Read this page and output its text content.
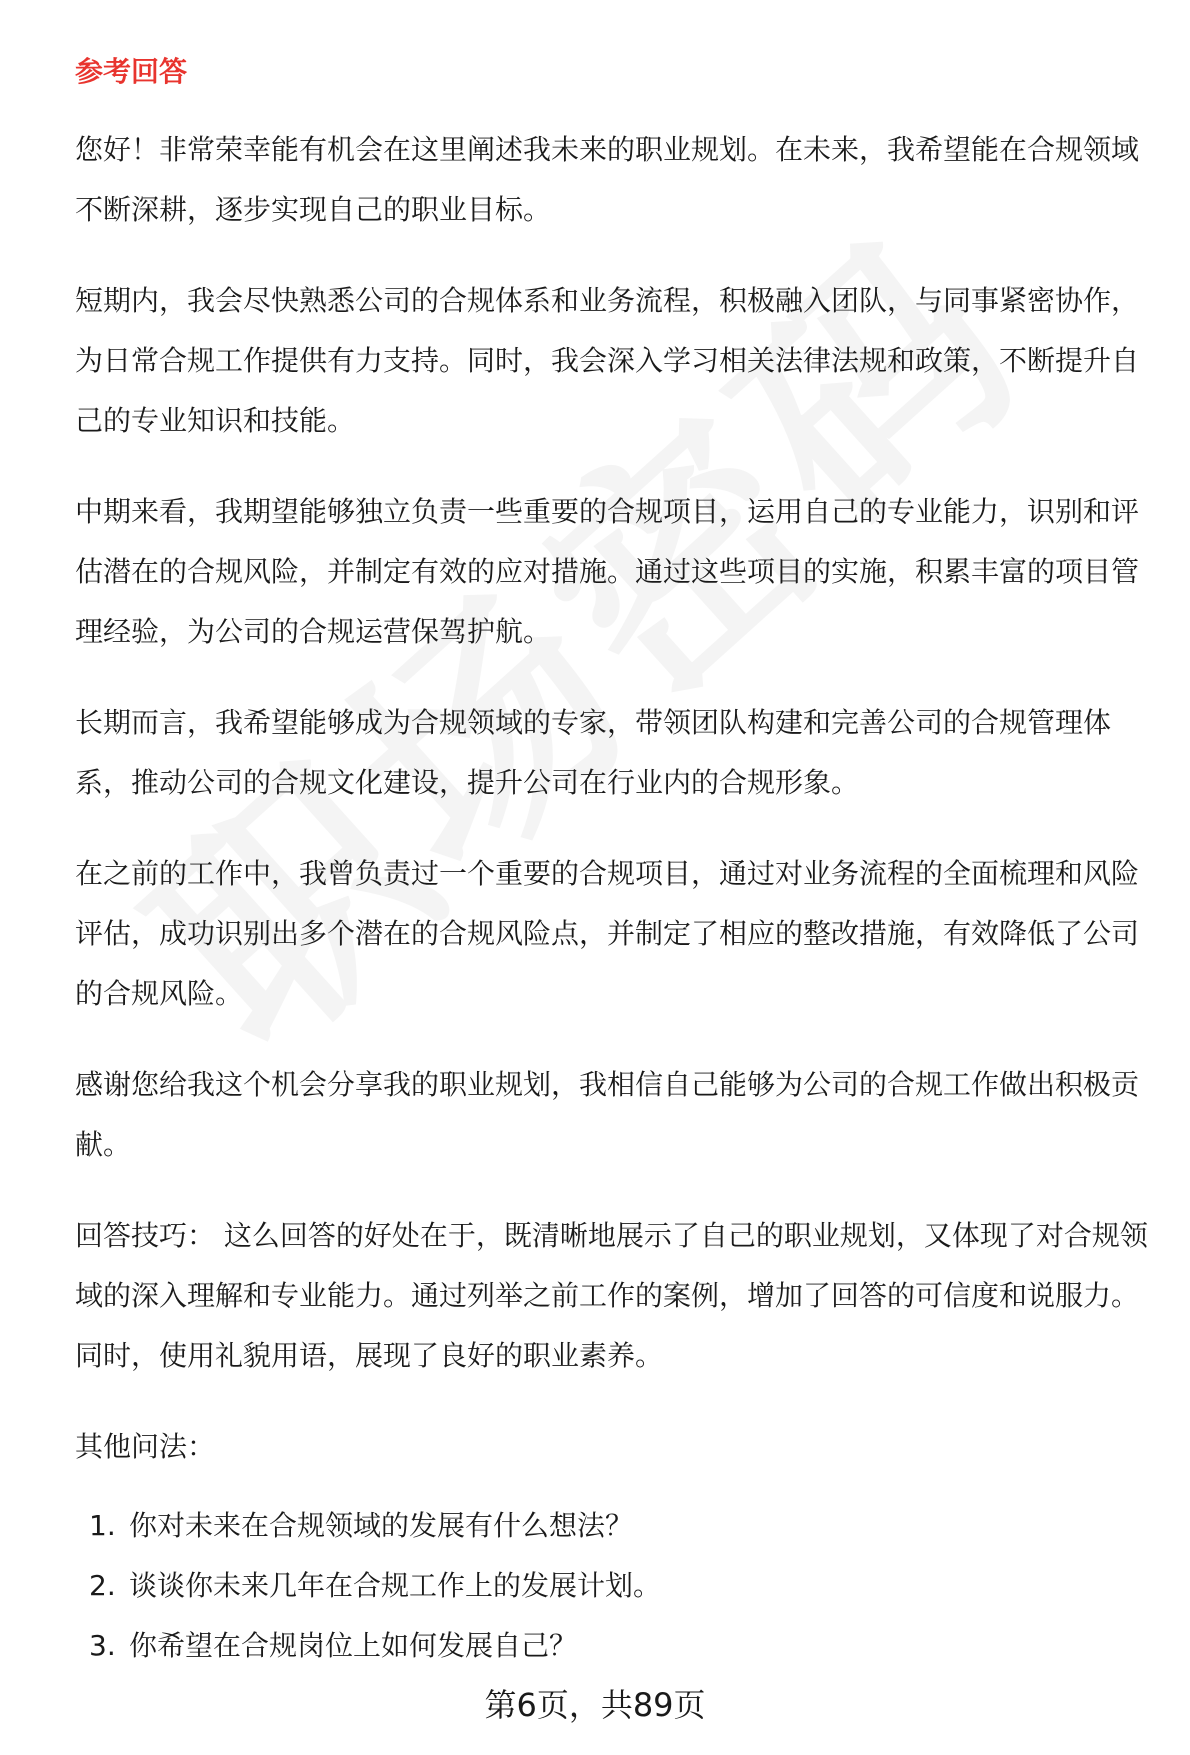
参考回答

您好！非常荣幸能有机会在这里阐述我未来的职业规划。在未来，我希望能在合规领域不断深耕，逐步实现自己的职业目标。

短期内，我会尽快熟悉公司的合规体系和业务流程，积极融入团队，与同事紧密协作，为日常合规工作提供有力支持。同时，我会深入学习相关法律法规和政策，不断提升自己的专业知识和技能。

中期来看，我期望能够独立负责一些重要的合规项目，运用自己的专业能力，识别和评估潜在的合规风险，并制定有效的应对措施。通过这些项目的实施，积累丰富的项目管理经验，为公司的合规运营保驾护航。

长期而言，我希望能够成为合规领域的专家，带领团队构建和完善公司的合规管理体系，推动公司的合规文化建设，提升公司在行业内的合规形象。

在之前的工作中，我曾负责过一个重要的合规项目，通过对业务流程的全面梳理和风险评估，成功识别出多个潜在的合规风险点，并制定了相应的整改措施，有效降低了公司的合规风险。

感谢您给我这个机会分享我的职业规划，我相信自己能够为公司的合规工作做出积极贡献。

回答技巧： 这么回答的好处在于，既清晰地展示了自己的职业规划，又体现了对合规领域的深入理解和专业能力。通过列举之前工作的案例，增加了回答的可信度和说服力。同时，使用礼貌用语，展现了良好的职业素养。

其他问法：
1. 你对未来在合规领域的发展有什么想法？
2. 谈谈你未来几年在合规工作上的发展计划。
3. 你希望在合规岗位上如何发展自己？
第6页，共89页
